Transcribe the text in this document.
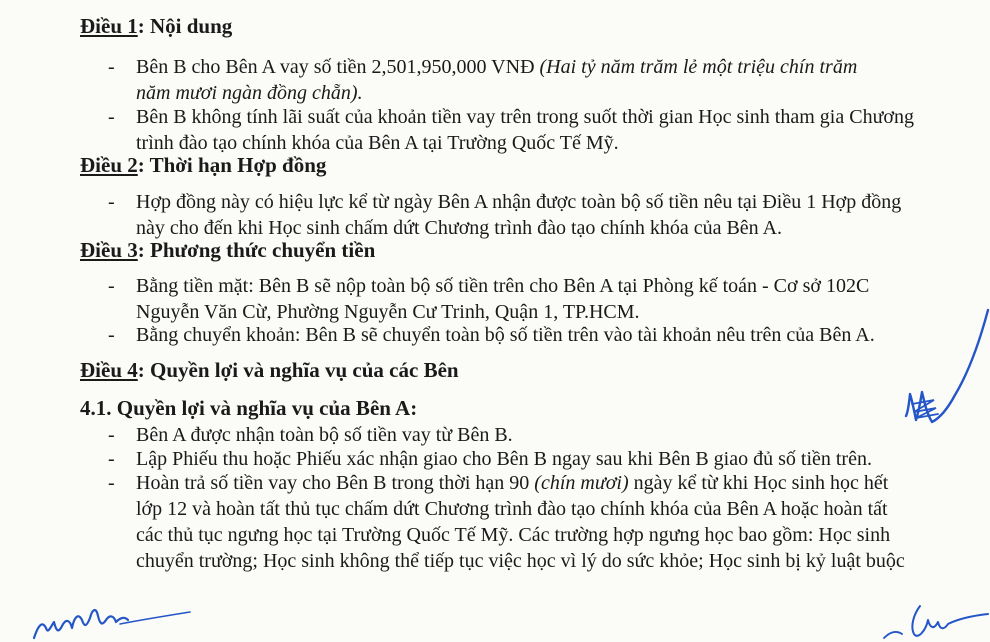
Điều 1: Nội dung
- Bên B cho Bên A vay số tiền 2,501,950,000 VNĐ (Hai tỷ năm trăm lẻ một triệu chín trăm
năm mươi ngàn đồng chẵn).
- Bên B không tính lãi suất của khoản tiền vay trên trong suốt thời gian Học sinh tham gia Chương
trình đào tạo chính khóa của Bên A tại Trường Quốc Tế Mỹ.
Điều 2: Thời hạn Hợp đồng
- Hợp đồng này có hiệu lực kể từ ngày Bên A nhận được toàn bộ số tiền nêu tại Điều 1 Hợp đồng
này cho đến khi Học sinh chấm dứt Chương trình đào tạo chính khóa của Bên A.
Điều 3: Phương thức chuyển tiền
- Bằng tiền mặt: Bên B sẽ nộp toàn bộ số tiền trên cho Bên A tại Phòng kế toán - Cơ sở 102C
Nguyễn Văn Cừ, Phường Nguyễn Cư Trinh, Quận 1, TP.HCM.
- Bằng chuyển khoản: Bên B sẽ chuyển toàn bộ số tiền trên vào tài khoản nêu trên của Bên A.
Điều 4: Quyền lợi và nghĩa vụ của các Bên
4.1. Quyền lợi và nghĩa vụ của Bên A:
- Bên A được nhận toàn bộ số tiền vay từ Bên B.
- Lập Phiếu thu hoặc Phiếu xác nhận giao cho Bên B ngay sau khi Bên B giao đủ số tiền trên.
- Hoàn trả số tiền vay cho Bên B trong thời hạn 90 (chín mươi) ngày kể từ khi Học sinh học hết
lớp 12 và hoàn tất thủ tục chấm dứt Chương trình đào tạo chính khóa của Bên A hoặc hoàn tất
các thủ tục ngưng học tại Trường Quốc Tế Mỹ. Các trường hợp ngưng học bao gồm: Học sinh
chuyển trường; Học sinh không thể tiếp tục việc học vì lý do sức khỏe; Học sinh bị kỷ luật buộc
